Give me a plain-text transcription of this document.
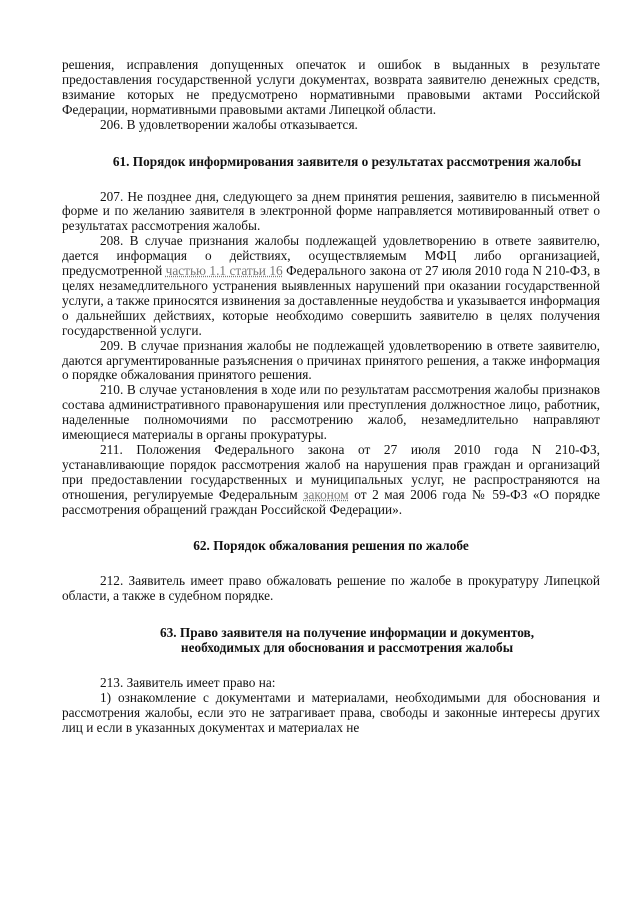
решения, исправления допущенных опечаток и ошибок в выданных в результате предоставления государственной услуги документах, возврата заявителю денежных средств, взимание которых не предусмотрено нормативными правовыми актами Российской Федерации, нормативными правовыми актами Липецкой области.

206. В удовлетворении жалобы отказывается.

61. Порядок информирования заявителя о результатах рассмотрения жалобы

207. Не позднее дня, следующего за днем принятия решения, заявителю в письменной форме и по желанию заявителя в электронной форме направляется мотивированный ответ о результатах рассмотрения жалобы.

208. В случае признания жалобы подлежащей удовлетворению в ответе заявителю, дается информация о действиях, осуществляемым МФЦ либо организацией, предусмотренной частью 1.1 статьи 16 Федерального закона от 27 июля 2010 года N 210-ФЗ, в целях незамедлительного устранения выявленных нарушений при оказании государственной услуги, а также приносятся извинения за доставленные неудобства и указывается информация о дальнейших действиях, которые необходимо совершить заявителю в целях получения государственной услуги.

209. В случае признания жалобы не подлежащей удовлетворению в ответе заявителю, даются аргументированные разъяснения о причинах принятого решения, а также информация о порядке обжалования принятого решения.

210. В случае установления в ходе или по результатам рассмотрения жалобы признаков состава административного правонарушения или преступления должностное лицо, работник, наделенные полномочиями по рассмотрению жалоб, незамедлительно направляют имеющиеся материалы в органы прокуратуры.

211. Положения Федерального закона от 27 июля 2010 года N 210-ФЗ, устанавливающие порядок рассмотрения жалоб на нарушения прав граждан и организаций при предоставлении государственных и муниципальных услуг, не распространяются на отношения, регулируемые Федеральным законом от 2 мая 2006 года № 59-ФЗ «О порядке рассмотрения обращений граждан Российской Федерации».

62. Порядок обжалования решения по жалобе

212. Заявитель имеет право обжаловать решение по жалобе в прокуратуру Липецкой области, а также в судебном порядке.

63. Право заявителя на получение информации и документов, необходимых для обоснования и рассмотрения жалобы

213. Заявитель имеет право на:

1) ознакомление с документами и материалами, необходимыми для обоснования и рассмотрения жалобы, если это не затрагивает права, свободы и законные интересы других лиц и если в указанных документах и материалах не
